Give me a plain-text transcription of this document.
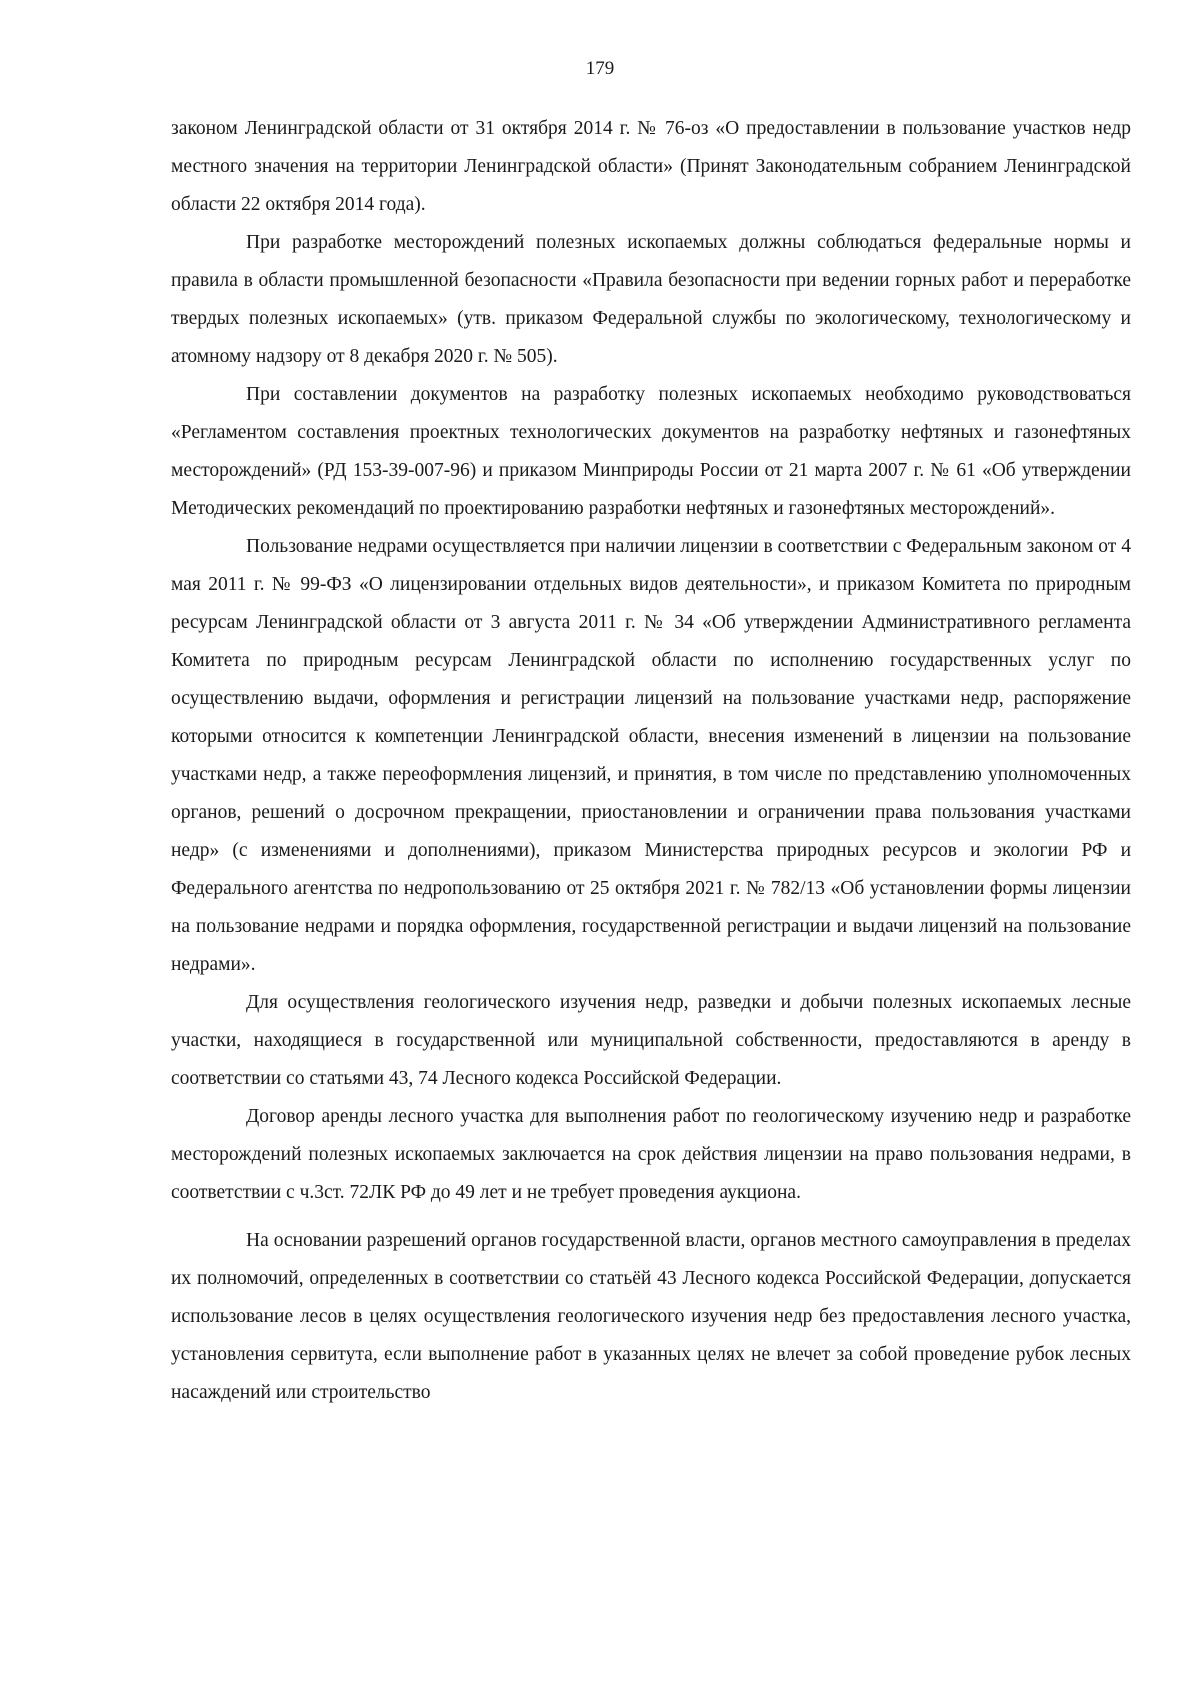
179

законом Ленинградской области от 31 октября 2014 г. № 76-оз «О предоставлении в пользование участков недр местного значения на территории Ленинградской области» (Принят Законодательным собранием Ленинградской области 22 октября 2014 года).

При разработке месторождений полезных ископаемых должны соблюдаться федеральные нормы и правила в области промышленной безопасности «Правила безопасности при ведении горных работ и переработке твердых полезных ископаемых» (утв. приказом Федеральной службы по экологическому, технологическому и атомному надзору от 8 декабря 2020 г. № 505).

При составлении документов на разработку полезных ископаемых необходимо руководствоваться «Регламентом составления проектных технологических документов на разработку нефтяных и газонефтяных месторождений» (РД 153-39-007-96) и приказом Минприроды России от 21 марта 2007 г. № 61 «Об утверждении Методических рекомендаций по проектированию разработки нефтяных и газонефтяных месторождений».

Пользование недрами осуществляется при наличии лицензии в соответствии с Федеральным законом от 4 мая 2011 г. № 99-ФЗ «О лицензировании отдельных видов деятельности», и приказом Комитета по природным ресурсам Ленинградской области от 3 августа 2011 г. № 34 «Об утверждении Административного регламента Комитета по природным ресурсам Ленинградской области по исполнению государственных услуг по осуществлению выдачи, оформления и регистрации лицензий на пользование участками недр, распоряжение которыми относится к компетенции Ленинградской области, внесения изменений в лицензии на пользование участками недр, а также переоформления лицензий, и принятия, в том числе по представлению уполномоченных органов, решений о досрочном прекращении, приостановлении и ограничении права пользования участками недр» (с изменениями и дополнениями), приказом Министерства природных ресурсов и экологии РФ и Федерального агентства по недропользованию от 25 октября 2021 г. № 782/13 «Об установлении формы лицензии на пользование недрами и порядка оформления, государственной регистрации и выдачи лицензий на пользование недрами».

Для осуществления геологического изучения недр, разведки и добычи полезных ископаемых лесные участки, находящиеся в государственной или муниципальной собственности, предоставляются в аренду в соответствии со статьями 43, 74 Лесного кодекса Российской Федерации.

Договор аренды лесного участка для выполнения работ по геологическому изучению недр и разработке месторождений полезных ископаемых заключается на срок действия лицензии на право пользования недрами, в соответствии с ч.3ст. 72ЛК РФ до 49 лет и не требует проведения аукциона.

На основании разрешений органов государственной власти, органов местного самоуправления в пределах их полномочий, определенных в соответствии со статьёй 43 Лесного кодекса Российской Федерации, допускается использование лесов в целях осуществления геологического изучения недр без предоставления лесного участка, установления сервитута, если выполнение работ в указанных целях не влечет за собой проведение рубок лесных насаждений или строительство
